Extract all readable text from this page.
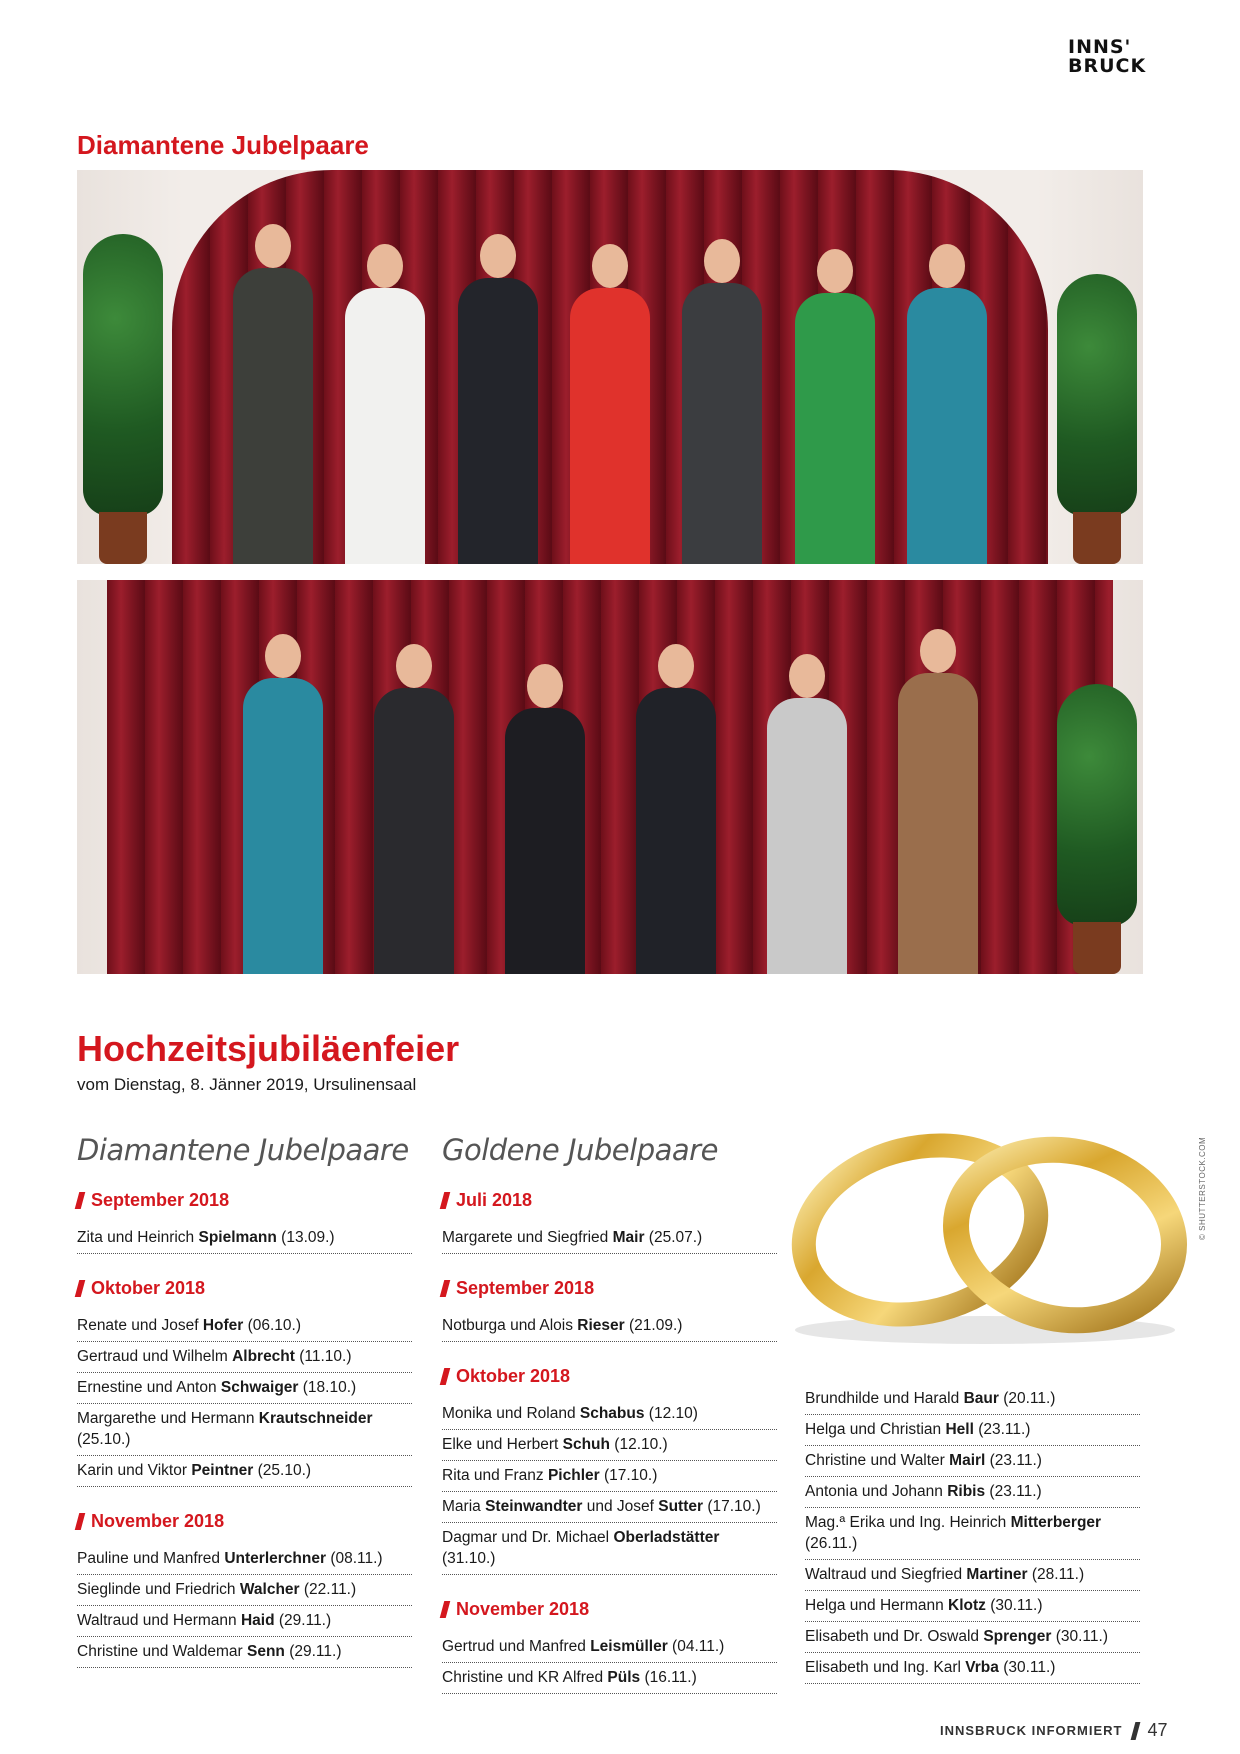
INNS'
BRUCK
Diamantene Jubelpaare
Hochzeitsjubiläenfeier
vom Dienstag, 8. Jänner 2019, Ursulinensaal
Diamantene Jubelpaare Goldene Jubelpaare
September 2018
Zita und Heinrich Spielmann (13.09.)
Oktober 2018
Renate und Josef Hofer (06.10.)
Gertraud und Wilhelm Albrecht (11.10.)
Ernestine und Anton Schwaiger (18.10.)
Margarethe und Hermann Krautschneider (25.10.)
Karin und Viktor Peintner (25.10.)
November 2018
Pauline und Manfred Unterlerchner (08.11.)
Sieglinde und Friedrich Walcher (22.11.)
Waltraud und Hermann Haid (29.11.)
Christine und Waldemar Senn (29.11.)
Juli 2018
Margarete und Siegfried Mair (25.07.)
September 2018
Notburga und Alois Rieser (21.09.)
Oktober 2018
Monika und Roland Schabus (12.10)
Elke und Herbert Schuh (12.10.)
Rita und Franz Pichler (17.10.)
Maria Steinwandter und Josef Sutter (17.10.)
Dagmar und Dr. Michael Oberladstätter (31.10.)
November 2018
Gertrud und Manfred Leismüller (04.11.)
Christine und KR Alfred Püls (16.11.)
Brundhilde und Harald Baur (20.11.)
Helga und Christian Hell (23.11.)
Christine und Walter Mairl (23.11.)
Antonia und Johann Ribis (23.11.)
Mag.ª Erika und Ing. Heinrich Mitterberger (26.11.)
Waltraud und Siegfried Martiner (28.11.)
Helga und Hermann Klotz (30.11.)
Elisabeth und Dr. Oswald Sprenger (30.11.)
Elisabeth und Ing. Karl Vrba (30.11.)
© SHUTTERSTOCK.COM
INNSBRUCK INFORMIERT 47
